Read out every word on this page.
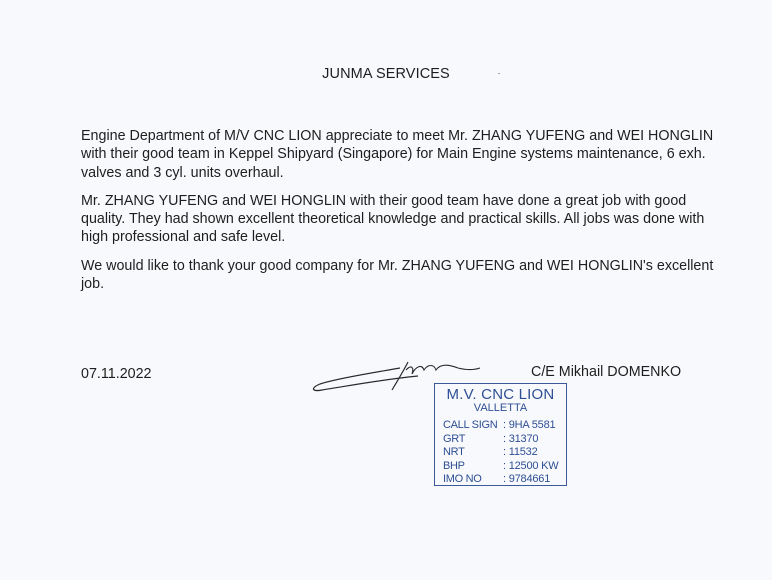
JUNMA SERVICES

Engine Department of M/V CNC LION appreciate to meet Mr. ZHANG YUFENG and WEI HONGLIN with their good team in Keppel Shipyard (Singapore) for Main Engine systems maintenance, 6 exh. valves and 3 cyl. units overhaul.

Mr. ZHANG YUFENG and WEI HONGLIN with their good team have done a great job with good quality. They had shown excellent theoretical knowledge and practical skills. All jobs was done with high professional and safe level.

We would like to thank your good company for Mr. ZHANG YUFENG and WEI HONGLIN's excellent job.

07.11.2022	C/E Mikhail DOMENKO
M.V. CNC LION
VALLETTA
CALL SIGN : 9HA 5581
GRT	: 31370
NRT	: 11532
BHP	: 12500 KW
IMO NO	: 9784661
